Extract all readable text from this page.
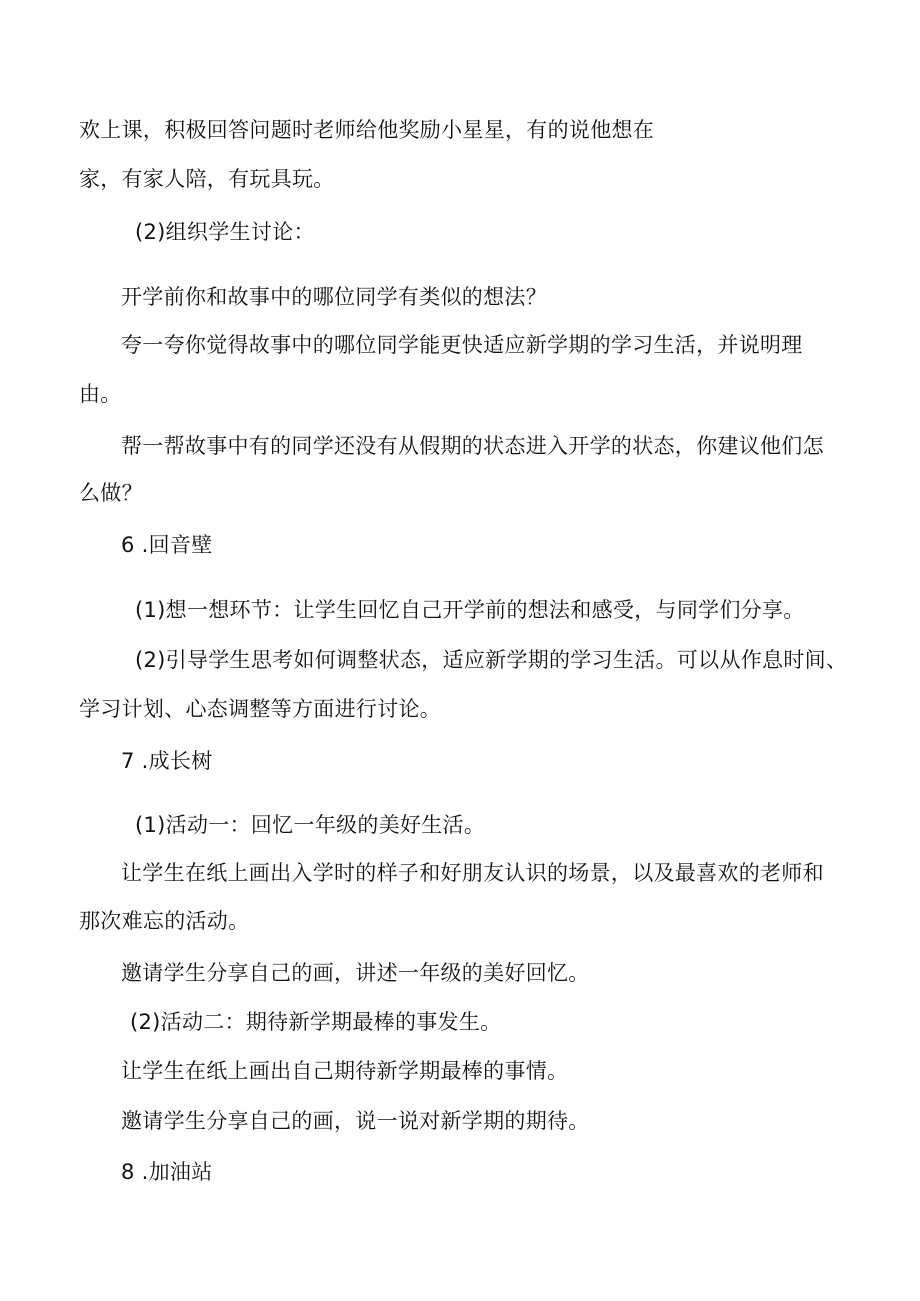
欢上课，积极回答问题时老师给他奖励小星星，有的说他想在
家，有家人陪，有玩具玩。
(2)组织学生讨论：
开学前你和故事中的哪位同学有类似的想法？
夸一夸你觉得故事中的哪位同学能更快适应新学期的学习生活，并说明理
由。
帮一帮故事中有的同学还没有从假期的状态进入开学的状态，你建议他们怎
么做？
6 .回音壁
(1)想一想环节：让学生回忆自己开学前的想法和感受，与同学们分享。
(2)引导学生思考如何调整状态，适应新学期的学习生活。可以从作息时间、
学习计划、心态调整等方面进行讨论。
7 .成长树
(1)活动一：回忆一年级的美好生活。
让学生在纸上画出入学时的样子和好朋友认识的场景，以及最喜欢的老师和
那次难忘的活动。
邀请学生分享自己的画，讲述一年级的美好回忆。
(2)活动二：期待新学期最棒的事发生。
让学生在纸上画出自己期待新学期最棒的事情。
邀请学生分享自己的画，说一说对新学期的期待。
8 .加油站
